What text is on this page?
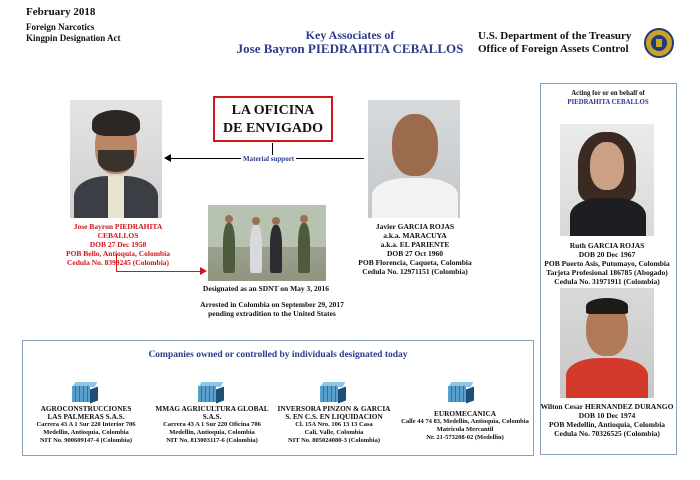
February 2018
Foreign Narcotics
Kingpin Designation Act	Key Associates of
Jose Bayron PIEDRAHITA CEBALLOS
U.S. Department of the Treasury
Office of Foreign Assets Control
Acting for or on behalf of
PIEDRAHITA CEBALLOS
LA OFICINA
DE ENVIGADO
Material support
Jose Bayron PIEDRAHITA CEBALLOS
DOB 27 Dec 1958
POB Bello, Antioquia, Colombia
Cedula No. 8399245 (Colombia)
Javier GARCIA ROJAS
a.k.a. MARACUYA
a.k.a. EL PARIENTE
DOB 27 Oct 1960
POB Florencia, Caqueta, Colombia
Cedula No. 12971151 (Colombia)
Ruth GARCIA ROJAS
DOB 20 Dec 1967
POB Puerto Asis, Putumayo, Colombia
Tarjeta Profesional 186785 (Abogado)
Cedula No. 31971911 (Colombia)
Wilton Cesar HERNANDEZ DURANGO
DOB 10 Dec 1974
POB Medellin, Antioquia, Colombia
Cedula No. 70326525 (Colombia)
Designated as an SDNT on May 3, 2016
Arrested in Colombia on September 29, 2017
pending extradition to the United States
Companies owned or controlled by individuals designated today
AGROCONSTRUCCIONES
LAS PALMERAS S.A.S.
Carrera 43 A 1 Sur 220 Interior 706
Medellin, Antioquia, Colombia
NIT No. 900609147-4 (Colombia)
MMAG AGRICULTURA GLOBAL S.A.S.
Carrera 43 A 1 Sur 220 Oficina 706
Medellin, Antioquia, Colombia
NIT No. 813003117-6 (Colombia)
INVERSORA PINZON & GARCIA
S. EN C.S. EN LIQUIDACION
Cl. 15A Nro. 106 13 13 Casa
Cali, Valle, Colombia
NIT No. 805024080-3 (Colombia)
EUROMECANICA
Calle 44 74 83, Medellin, Antioquia, Colombia
Matricula Mercantil
Nr. 21-573208-02 (Medellin)
